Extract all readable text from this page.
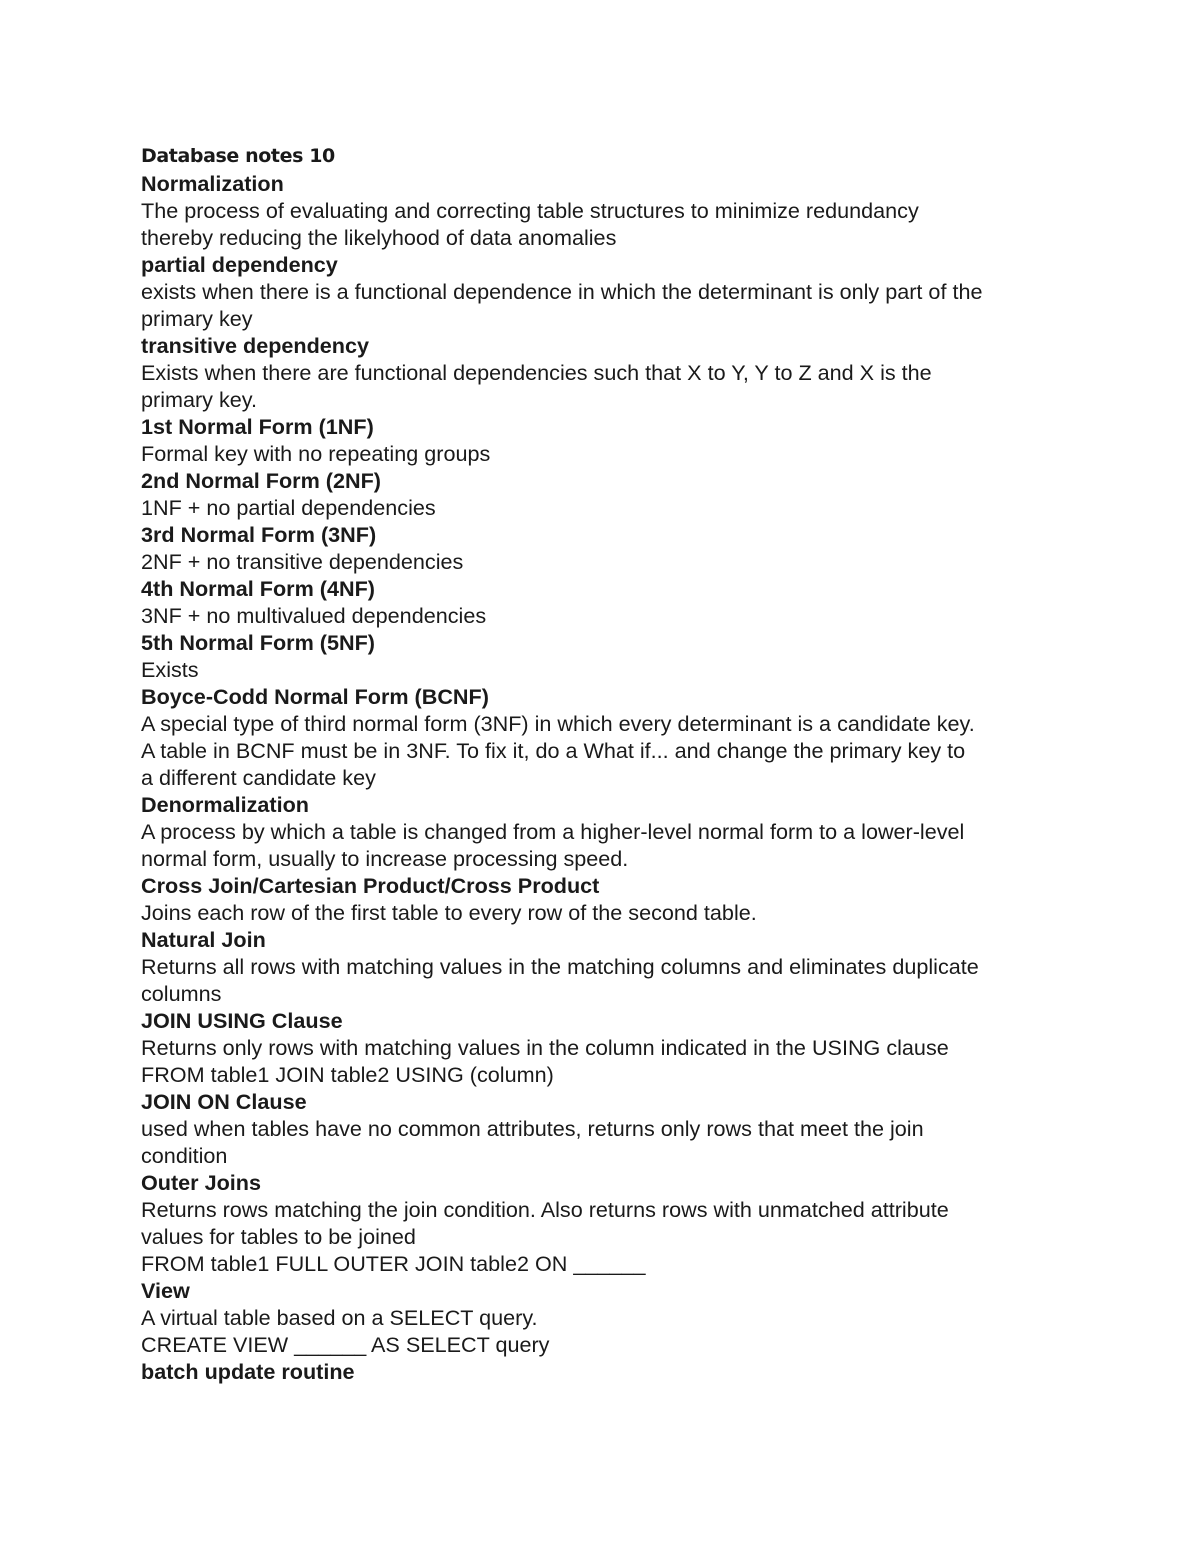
Database notes 10
Normalization
The process of evaluating and correcting table structures to minimize redundancy
thereby reducing the likelyhood of data anomalies
partial dependency
exists when there is a functional dependence in which the determinant is only part of the
primary key
transitive dependency
Exists when there are functional dependencies such that X to Y, Y to Z and X is the
primary key.
1st Normal Form (1NF)
Formal key with no repeating groups
2nd Normal Form (2NF)
1NF + no partial dependencies
3rd Normal Form (3NF)
2NF + no transitive dependencies
4th Normal Form (4NF)
3NF + no multivalued dependencies
5th Normal Form (5NF)
Exists
Boyce-Codd Normal Form (BCNF)
A special type of third normal form (3NF) in which every determinant is a candidate key.
A table in BCNF must be in 3NF. To fix it, do a What if... and change the primary key to
a different candidate key
Denormalization
A process by which a table is changed from a higher-level normal form to a lower-level
normal form, usually to increase processing speed.
Cross Join/Cartesian Product/Cross Product
Joins each row of the first table to every row of the second table.
Natural Join
Returns all rows with matching values in the matching columns and eliminates duplicate
columns
JOIN USING Clause
Returns only rows with matching values in the column indicated in the USING clause
FROM table1 JOIN table2 USING (column)
JOIN ON Clause
used when tables have no common attributes, returns only rows that meet the join
condition
Outer Joins
Returns rows matching the join condition. Also returns rows with unmatched attribute
values for tables to be joined
FROM table1 FULL OUTER JOIN table2 ON ______
View
A virtual table based on a SELECT query.
CREATE VIEW ______ AS SELECT query
batch update routine
